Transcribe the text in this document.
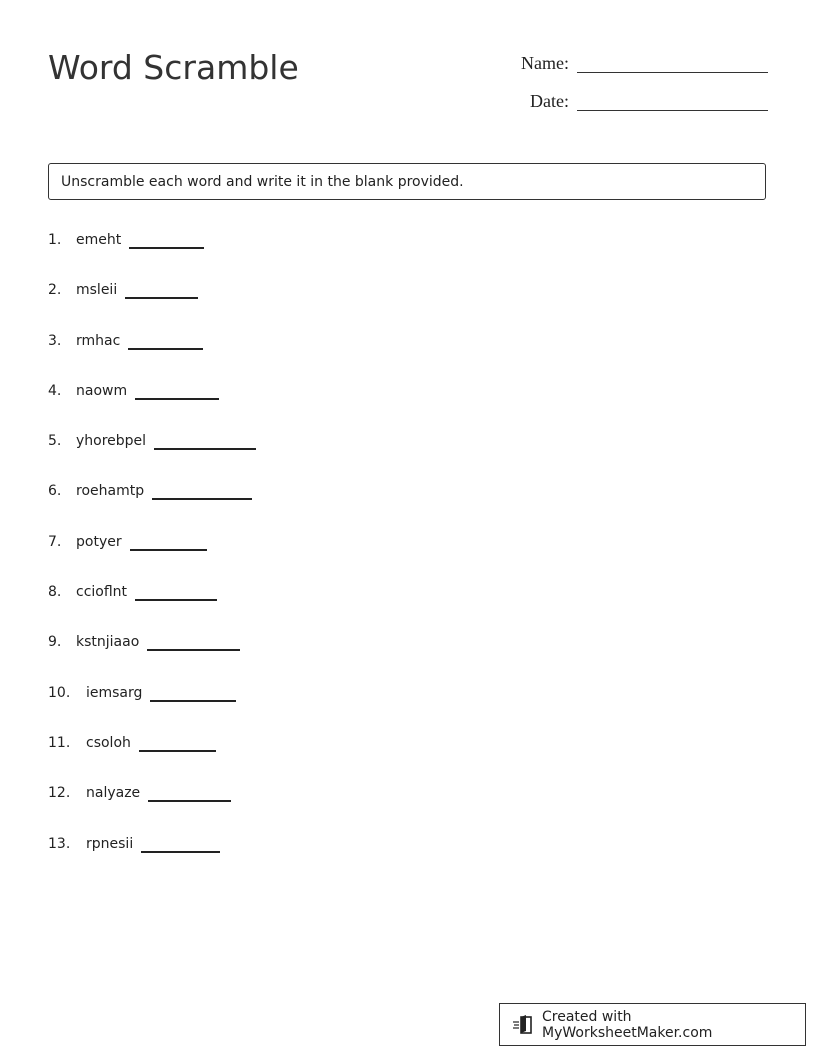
Word Scramble	Name:
Date:
Unscramble each word and write it in the blank provided.
1.	emeht
2.	msleii
3.	rmhac
4.	naowm
5.	yhorebpel
6.	roehamtp
7.	potyer
8.	ccioflnt
9.	kstnjiaao
10.	iemsarg
11.	csoloh
12.	nalyaze
13.	rpnesii
Created with MyWorksheetMaker.com
